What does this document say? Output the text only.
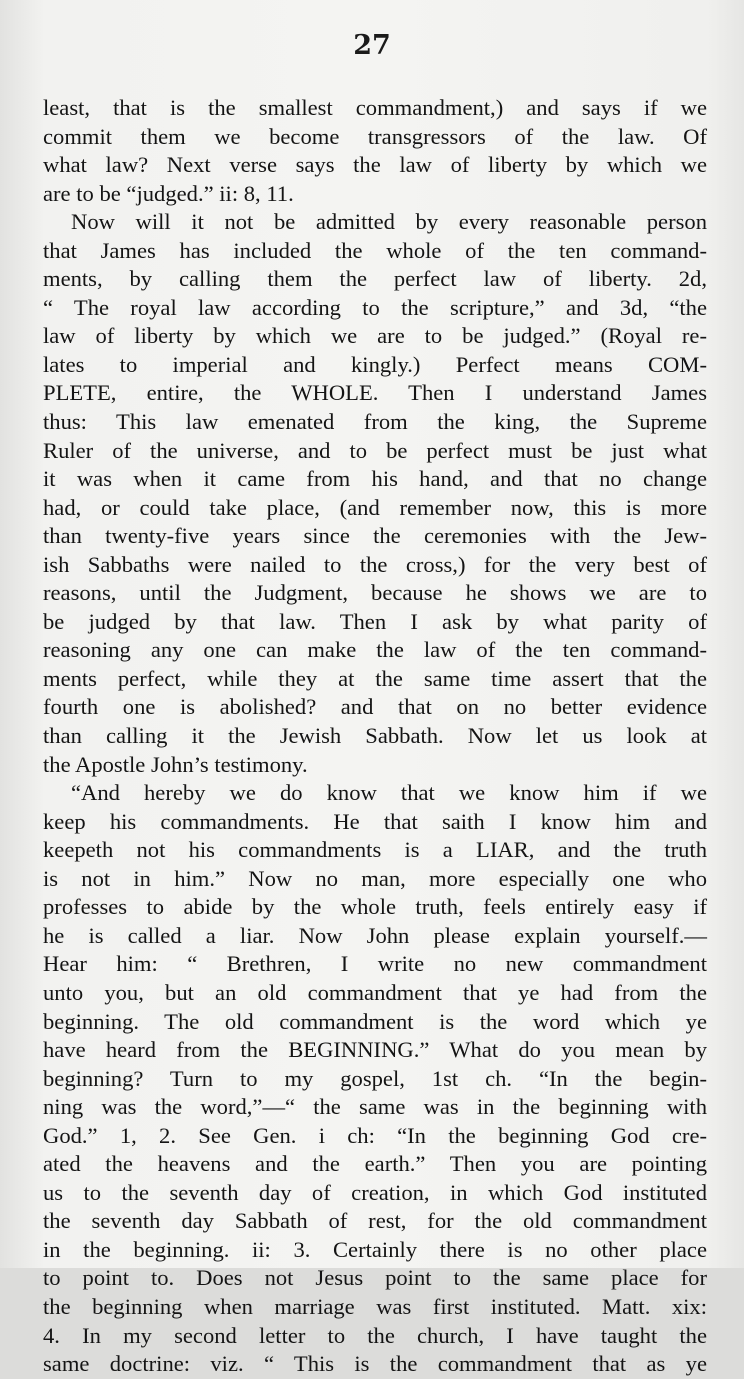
27
least, that is the smallest commandment,) and says if we
commit them we become transgressors of the law. Of
what law? Next verse says the law of liberty by which we
are to be “judged.” ii: 8, 11.
Now will it not be admitted by every reasonable person
that James has included the whole of the ten command-
ments, by calling them the perfect law of liberty. 2d,
“ The royal law according to the scripture,” and 3d, “the
law of liberty by which we are to be judged.” (Royal re-
lates to imperial and kingly.) Perfect means COM-
PLETE, entire, the WHOLE. Then I understand James
thus: This law emenated from the king, the Supreme
Ruler of the universe, and to be perfect must be just what
it was when it came from his hand, and that no change
had, or could take place, (and remember now, this is more
than twenty-five years since the ceremonies with the Jew-
ish Sabbaths were nailed to the cross,) for the very best of
reasons, until the Judgment, because he shows we are to
be judged by that law. Then I ask by what parity of
reasoning any one can make the law of the ten command-
ments perfect, while they at the same time assert that the
fourth one is abolished? and that on no better evidence
than calling it the Jewish Sabbath. Now let us look at
the Apostle John’s testimony.
“And hereby we do know that we know him if we
keep his commandments. He that saith I know him and
keepeth not his commandments is a LIAR, and the truth
is not in him.” Now no man, more especially one who
professes to abide by the whole truth, feels entirely easy if
he is called a liar. Now John please explain yourself.—
Hear him: “ Brethren, I write no new commandment
unto you, but an old commandment that ye had from the
beginning. The old commandment is the word which ye
have heard from the BEGINNING.” What do you mean by
beginning? Turn to my gospel, 1st ch. “In the begin-
ning was the word,”—“ the same was in the beginning with
God.” 1, 2. See Gen. i ch: “In the beginning God cre-
ated the heavens and the earth.” Then you are pointing
us to the seventh day of creation, in which God instituted
the seventh day Sabbath of rest, for the old commandment
in the beginning. ii: 3. Certainly there is no other place
to point to. Does not Jesus point to the same place for
the beginning when marriage was first instituted. Matt. xix:
4. In my second letter to the church, I have taught the
same doctrine: viz. “ This is the commandment that as ye
